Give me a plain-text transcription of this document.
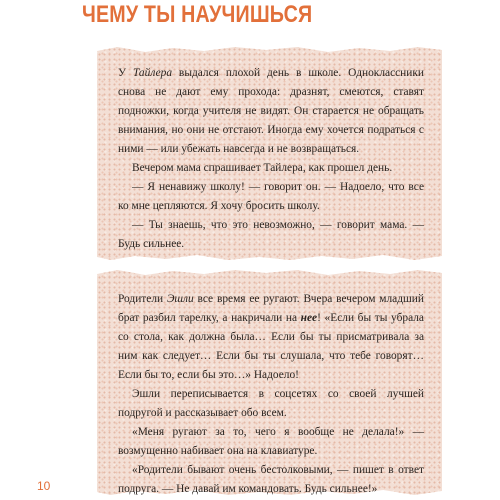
ЧЕМУ ТЫ НАУЧИШЬСЯ

У Тайлера выдался плохой день в школе. Одноклассники снова не дают ему прохода: дразнят, смеются, ставят подножки, когда учителя не видят. Он старается не обращать внимания, но они не отстают. Иногда ему хочется подраться с ними — или убежать навсегда и не возвращаться.

Вечером мама спрашивает Тайлера, как прошел день.

— Я ненавижу школу! — говорит он. — Надоело, что все ко мне цепляются. Я хочу бросить школу.

— Ты знаешь, что это невозможно, — говорит мама. — Будь сильнее.

Родители Эшли все время ее ругают. Вчера вечером младший брат разбил тарелку, а накричали на нее! «Если бы ты убрала со стола, как должна была… Если бы ты присматривала за ним как следует… Если бы ты слушала, что тебе говорят… Если бы то, если бы это…» Надоело!

Эшли переписывается в соцсетях со своей лучшей подругой и рассказывает обо всем.

«Меня ругают за то, чего я вообще не делала!» — возмущенно набивает она на клавиатуре.

«Родители бывают очень бестолковыми, — пишет в ответ подруга. — Не давай им командовать. Будь сильнее!»

10
